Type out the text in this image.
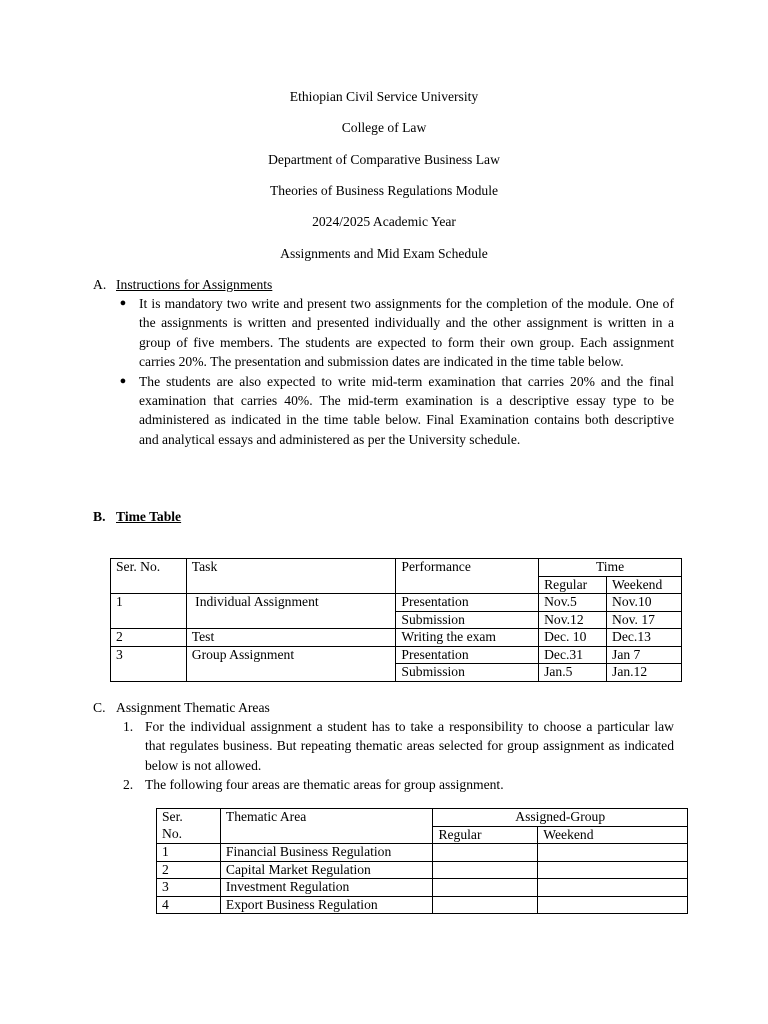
Ethiopian Civil Service University
College of Law
Department of Comparative Business Law
Theories of Business Regulations Module
2024/2025 Academic Year
Assignments and Mid Exam Schedule
A. Instructions for Assignments
● It is mandatory two write and present two assignments for the completion of the module. One of the assignments is written and presented individually and the other assignment is written in a group of five members. The students are expected to form their own group. Each assignment carries 20%. The presentation and submission dates are indicated in the time table below.
● The students are also expected to write mid-term examination that carries 20% and the final examination that carries 40%. The mid-term examination is a descriptive essay type to be administered as indicated in the time table below. Final Examination contains both descriptive and analytical essays and administered as per the University schedule.
B. Time Table
Ser. No.	Task	Performance	Time	
			Regular	Weekend
1	Individual Assignment	Presentation	Nov.5	Nov.10
		Submission	Nov.12	Nov. 17
2	Test	Writing the exam	Dec. 10	Dec.13
3	Group Assignment	Presentation	Dec.31	Jan 7
		Submission	Jan.5	Jan.12
C. Assignment Thematic Areas
1. For the individual assignment a student has to take a responsibility to choose a particular law that regulates business. But repeating thematic areas selected for group assignment as indicated below is not allowed.
2. The following four areas are thematic areas for group assignment.
Ser.
No.	Thematic Area	Assigned-Group	
		Regular	Weekend
1	Financial Business Regulation		
2	Capital Market Regulation		
3	Investment Regulation		
4	Export Business Regulation		
